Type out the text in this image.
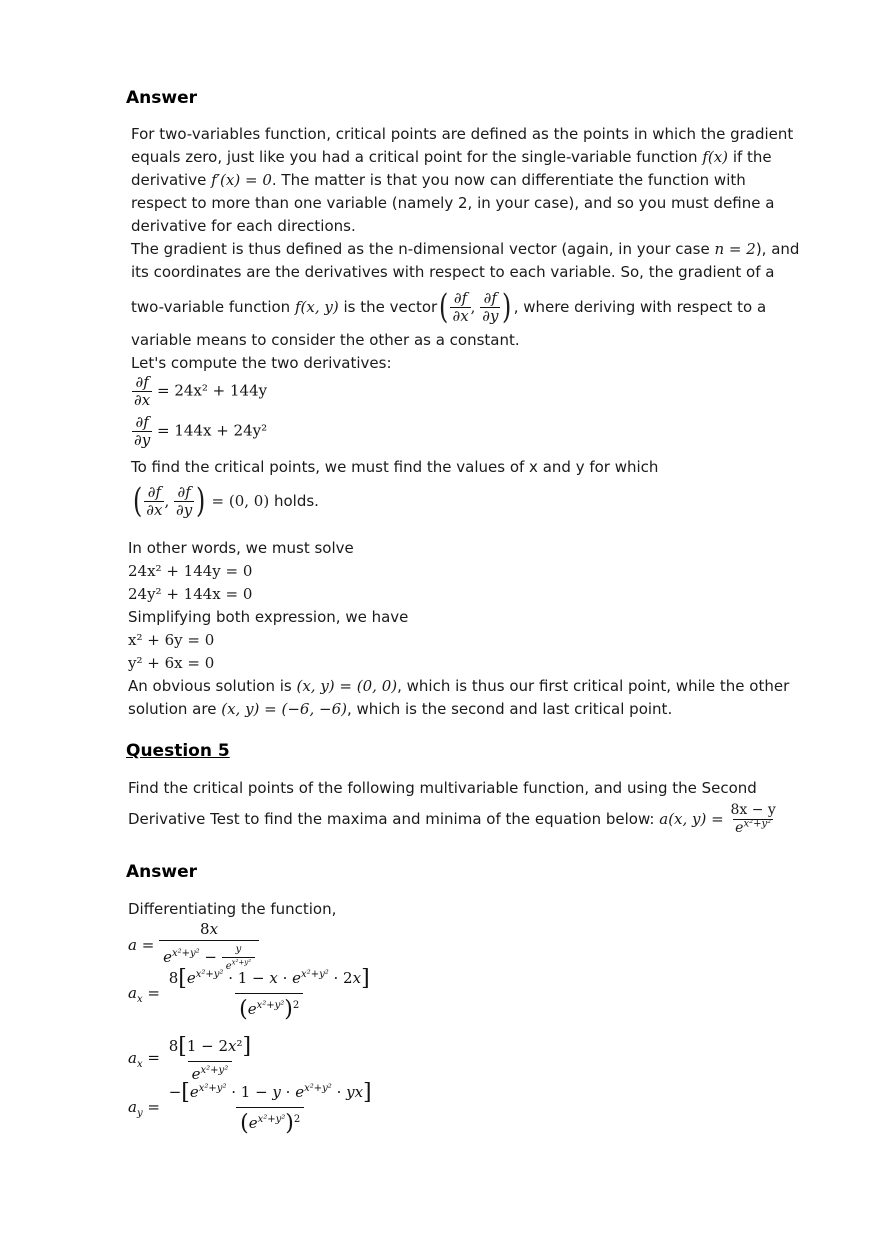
Answer
For two-variables function, critical points are defined as the points in which the gradient
equals zero, just like you had a critical point for the single-variable function f(x) if the
derivative f′(x) = 0. The matter is that you now can differentiate the function with
respect to more than one variable (namely 2, in your case), and so you must define a
derivative for each directions.
The gradient is thus defined as the n-dimensional vector (again, in your case n = 2), and
its coordinates are the derivatives with respect to each variable. So, the gradient of a
two-variable function f(x, y) is the vector ( $\frac{\partial f}{\partial x}$ , $\frac{\partial f}{\partial y}$ ) , where deriving with respect to a
variable means to consider the other as a constant.
Let's compute the two derivatives:
$\frac{\partial f}{\partial x} = 24x^2 + 144y$
$\frac{\partial f}{\partial y} = 144x + 24y^2$
To find the critical points, we must find the values of x and y for which
( $\frac{\partial f}{\partial x}$ , $\frac{\partial f}{\partial y}$ ) = (0, 0)
holds.
In other words, we must solve
24x² + 144y = 0
24y² + 144x = 0
Simplifying both expression, we have
x² + 6y = 0
y² + 6x = 0
An obvious solution is (x, y) = (0, 0), which is thus our first critical point, while the other
solution are (x, y) = (−6, −6), which is the second and last critical point.
Question 5
Find the critical points of the following multivariable function, and using the Second
Derivative Test to find the maxima and minima of the equation below:
a(x, y) =
$\frac{8x - y}{e^{x^2+y^2}}$
Answer
Differentiating the function,
$a = \frac{8x}{e^{x^2+y^2} - \frac{y}{e^{x^2+y^2}}}$
$a_x = \frac{8[e^{x^2+y^2} \cdot 1 - x \cdot e^{x^2+y^2} \cdot 2x]}{(e^{x^2+y^2})^2}$
$a_x = \frac{\text{8[1 − 2x²]}}{e^{x^2+y^2}}$
$a_y = \frac{-[e^{x^2+y^2} \cdot 1 - y \cdot e^{x^2+y^2} \cdot yx]}{(e^{x^2+y^2})^2}$
